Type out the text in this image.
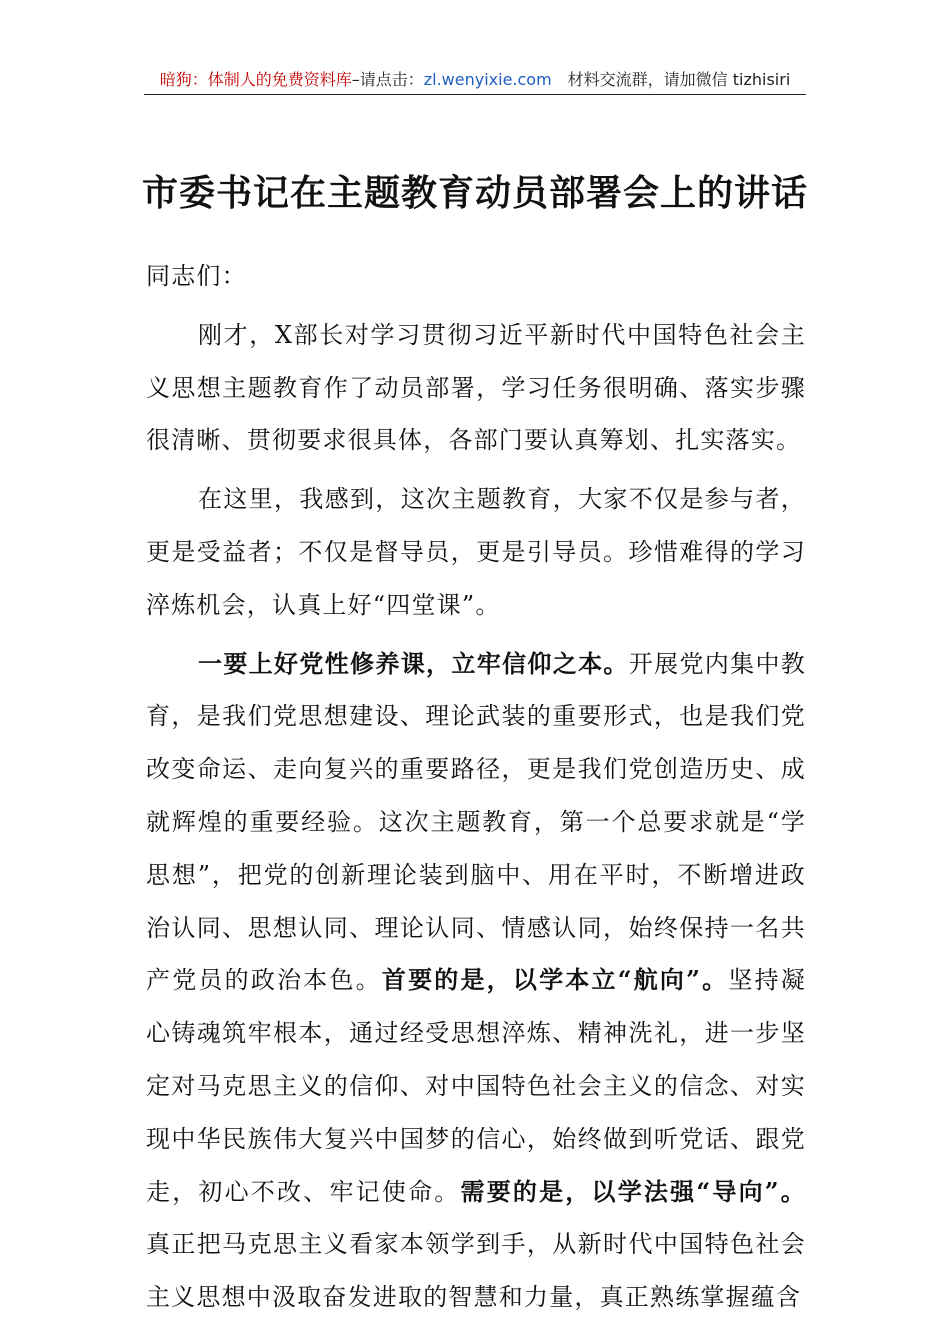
暗狗：体制人的免费资料库–请点击：zl.wenyixie.com 材料交流群，请加微信 tizhisiri
市委书记在主题教育动员部署会上的讲话

同志们：

刚才，X部长对学习贯彻习近平新时代中国特色社会主义思想主题教育作了动员部署，学习任务很明确、落实步骤很清晰、贯彻要求很具体，各部门要认真筹划、扎实落实。

在这里，我感到，这次主题教育，大家不仅是参与者，更是受益者；不仅是督导员，更是引导员。珍惜难得的学习淬炼机会，认真上好“四堂课”。

一要上好党性修养课，立牢信仰之本。开展党内集中教育，是我们党思想建设、理论武装的重要形式，也是我们党改变命运、走向复兴的重要路径，更是我们党创造历史、成就辉煌的重要经验。这次主题教育，第一个总要求就是“学思想”，把党的创新理论装到脑中、用在平时，不断增进政治认同、思想认同、理论认同、情感认同，始终保持一名共产党员的政治本色。首要的是，以学本立“航向”。坚持凝心铸魂筑牢根本，通过经受思想淬炼、精神洗礼，进一步坚定对马克思主义的信仰、对中国特色社会主义的信念、对实现中华民族伟大复兴中国梦的信心，始终做到听党话、跟党走，初心不改、牢记使命。需要的是，以学法强“导向”。真正把马克思主义看家本领学到手，从新时代中国特色社会主义思想中汲取奋发进取的智慧和力量，真正熟练掌握蕴含
